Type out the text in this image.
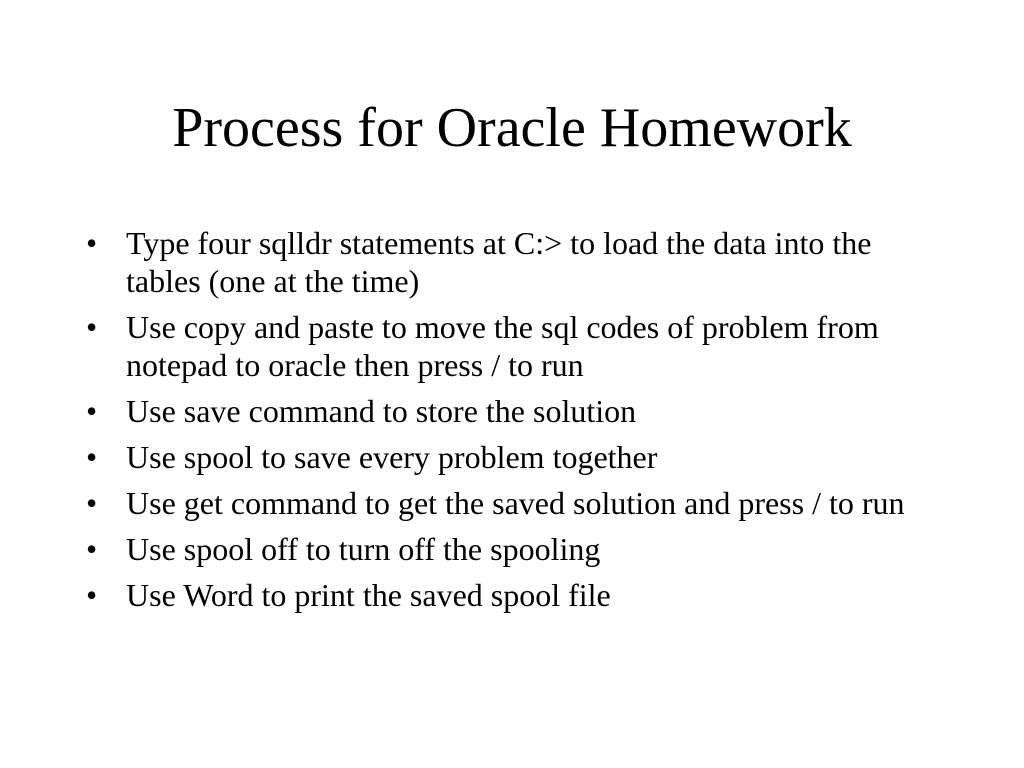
Process for Oracle Homework
• Type four sqlldr statements at C:> to load the data into the tables (one at the time)
• Use copy and paste to move the sql codes of problem from notepad to oracle then press / to run
• Use save command to store the solution
• Use spool to save every problem together
• Use get command to get the saved solution and press / to run
• Use spool off to turn off the spooling
• Use Word to print the saved spool file
